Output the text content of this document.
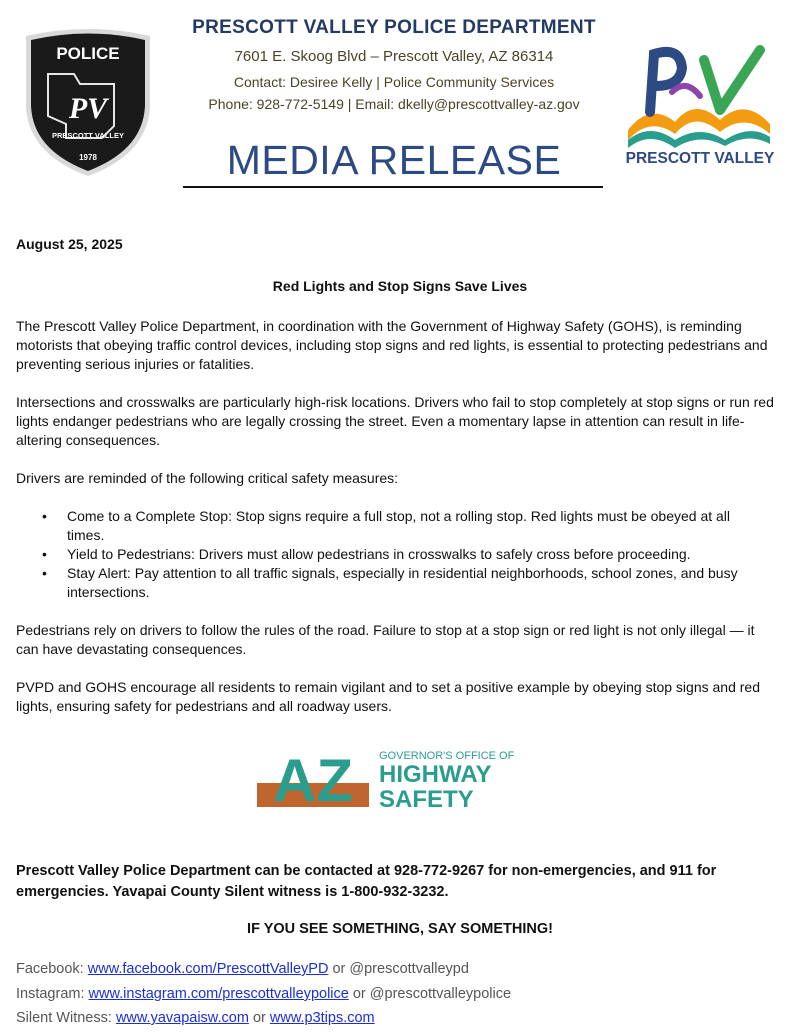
POLICE
PV
PRESCOTT VALLEY
1978
PRESCOTT VALLEY POLICE DEPARTMENT
7601 E. Skoog Blvd – Prescott Valley, AZ 86314
Contact: Desiree Kelly | Police Community Services
Phone: 928-772-5149 | Email: dkelly@prescottvalley-az.gov
MEDIA RELEASE	PRESCOTT VALLEY

August 25, 2025

Red Lights and Stop Signs Save Lives

The Prescott Valley Police Department, in coordination with the Government of Highway Safety (GOHS), is reminding motorists that obeying traffic control devices, including stop signs and red lights, is essential to protecting pedestrians and preventing serious injuries or fatalities.

Intersections and crosswalks are particularly high-risk locations. Drivers who fail to stop completely at stop signs or run red lights endanger pedestrians who are legally crossing the street. Even a momentary lapse in attention can result in life-altering consequences.

Drivers are reminded of the following critical safety measures:

• Come to a Complete Stop: Stop signs require a full stop, not a rolling stop. Red lights must be obeyed at all times.
• Yield to Pedestrians: Drivers must allow pedestrians in crosswalks to safely cross before proceeding.
• Stay Alert: Pay attention to all traffic signals, especially in residential neighborhoods, school zones, and busy intersections.

Pedestrians rely on drivers to follow the rules of the road. Failure to stop at a stop sign or red light is not only illegal — it can have devastating consequences.

PVPD and GOHS encourage all residents to remain vigilant and to set a positive example by obeying stop signs and red lights, ensuring safety for pedestrians and all roadway users.

AZ GOVERNOR'S OFFICE OF
HIGHWAY
SAFETY

Prescott Valley Police Department can be contacted at 928-772-9267 for non-emergencies, and 911 for emergencies. Yavapai County Silent witness is 1-800-932-3232.

IF YOU SEE SOMETHING, SAY SOMETHING!

Facebook: www.facebook.com/PrescottValleyPD or @prescottvalleypd
Instagram: www.instagram.com/prescottvalleypolice or @prescottvalleypolice
Silent Witness: www.yavapaisw.com or www.p3tips.com
